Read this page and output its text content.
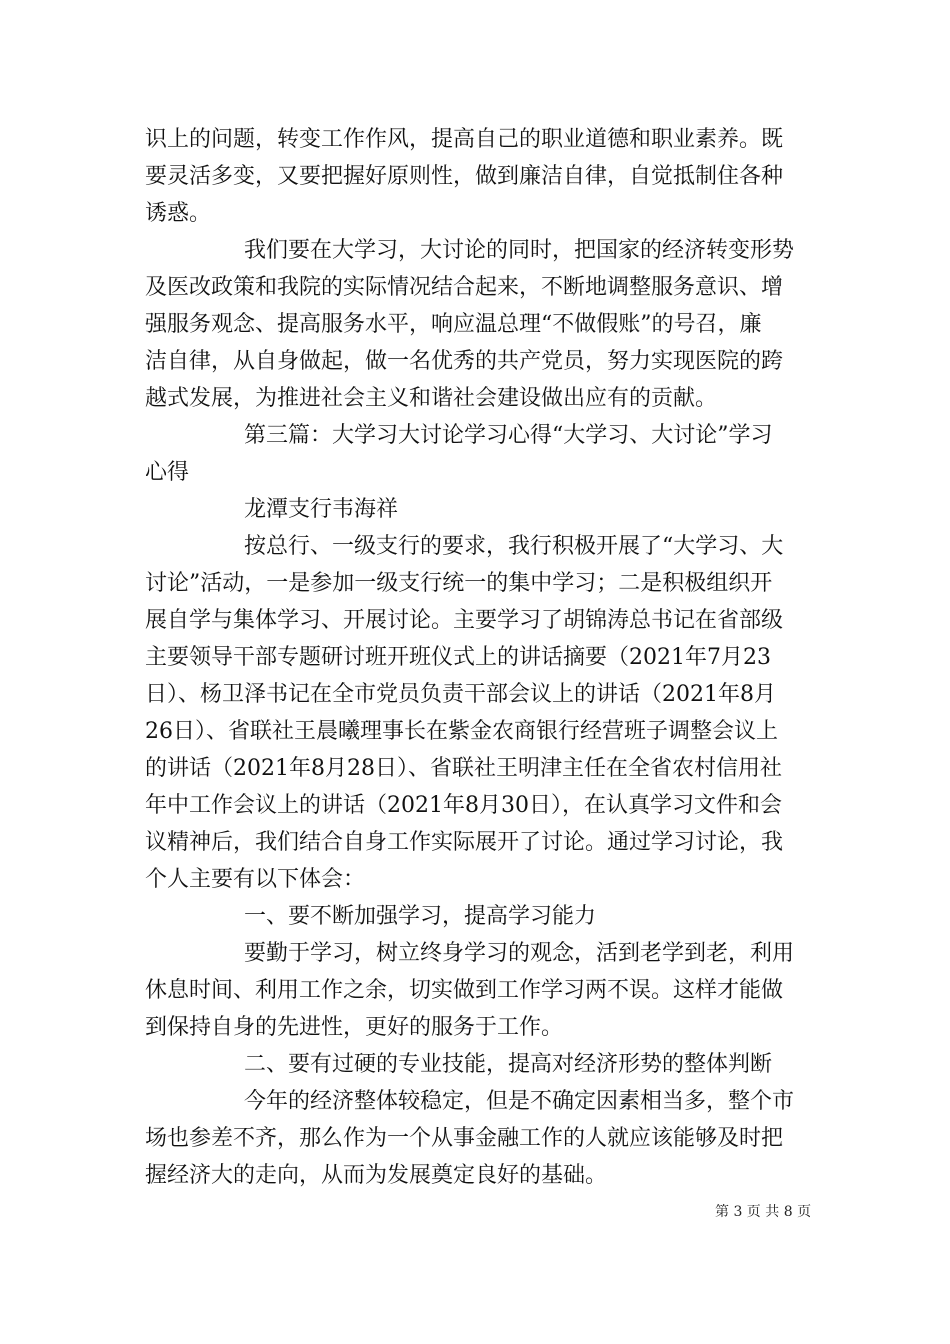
识上的问题，转变工作作风，提高自己的职业道德和职业素养。既
要灵活多变，又要把握好原则性，做到廉洁自律，自觉抵制住各种
诱惑。
我们要在大学习，大讨论的同时，把国家的经济转变形势
及医改政策和我院的实际情况结合起来，不断地调整服务意识、增
强服务观念、提高服务水平，响应温总理“不做假账”的号召，廉
洁自律，从自身做起，做一名优秀的共产党员，努力实现医院的跨
越式发展，为推进社会主义和谐社会建设做出应有的贡献。
第三篇：大学习大讨论学习心得“大学习、大讨论”学习
心得
龙潭支行韦海祥
按总行、一级支行的要求，我行积极开展了“大学习、大
讨论”活动，一是参加一级支行统一的集中学习；二是积极组织开
展自学与集体学习、开展讨论。主要学习了胡锦涛总书记在省部级
主要领导干部专题研讨班开班仪式上的讲话摘要（2021年7月23
日）、杨卫泽书记在全市党员负责干部会议上的讲话（2021年8月
26日）、省联社王晨曦理事长在紫金农商银行经营班子调整会议上
的讲话（2021年8月28日）、省联社王明津主任在全省农村信用社
年中工作会议上的讲话（2021年8月30日），在认真学习文件和会
议精神后，我们结合自身工作实际展开了讨论。通过学习讨论，我
个人主要有以下体会：
一、要不断加强学习，提高学习能力
要勤于学习，树立终身学习的观念，活到老学到老，利用
休息时间、利用工作之余，切实做到工作学习两不误。这样才能做
到保持自身的先进性，更好的服务于工作。
二、要有过硬的专业技能，提高对经济形势的整体判断
今年的经济整体较稳定，但是不确定因素相当多，整个市
场也参差不齐，那么作为一个从事金融工作的人就应该能够及时把
握经济大的走向，从而为发展奠定良好的基础。
第 3 页 共 8 页
